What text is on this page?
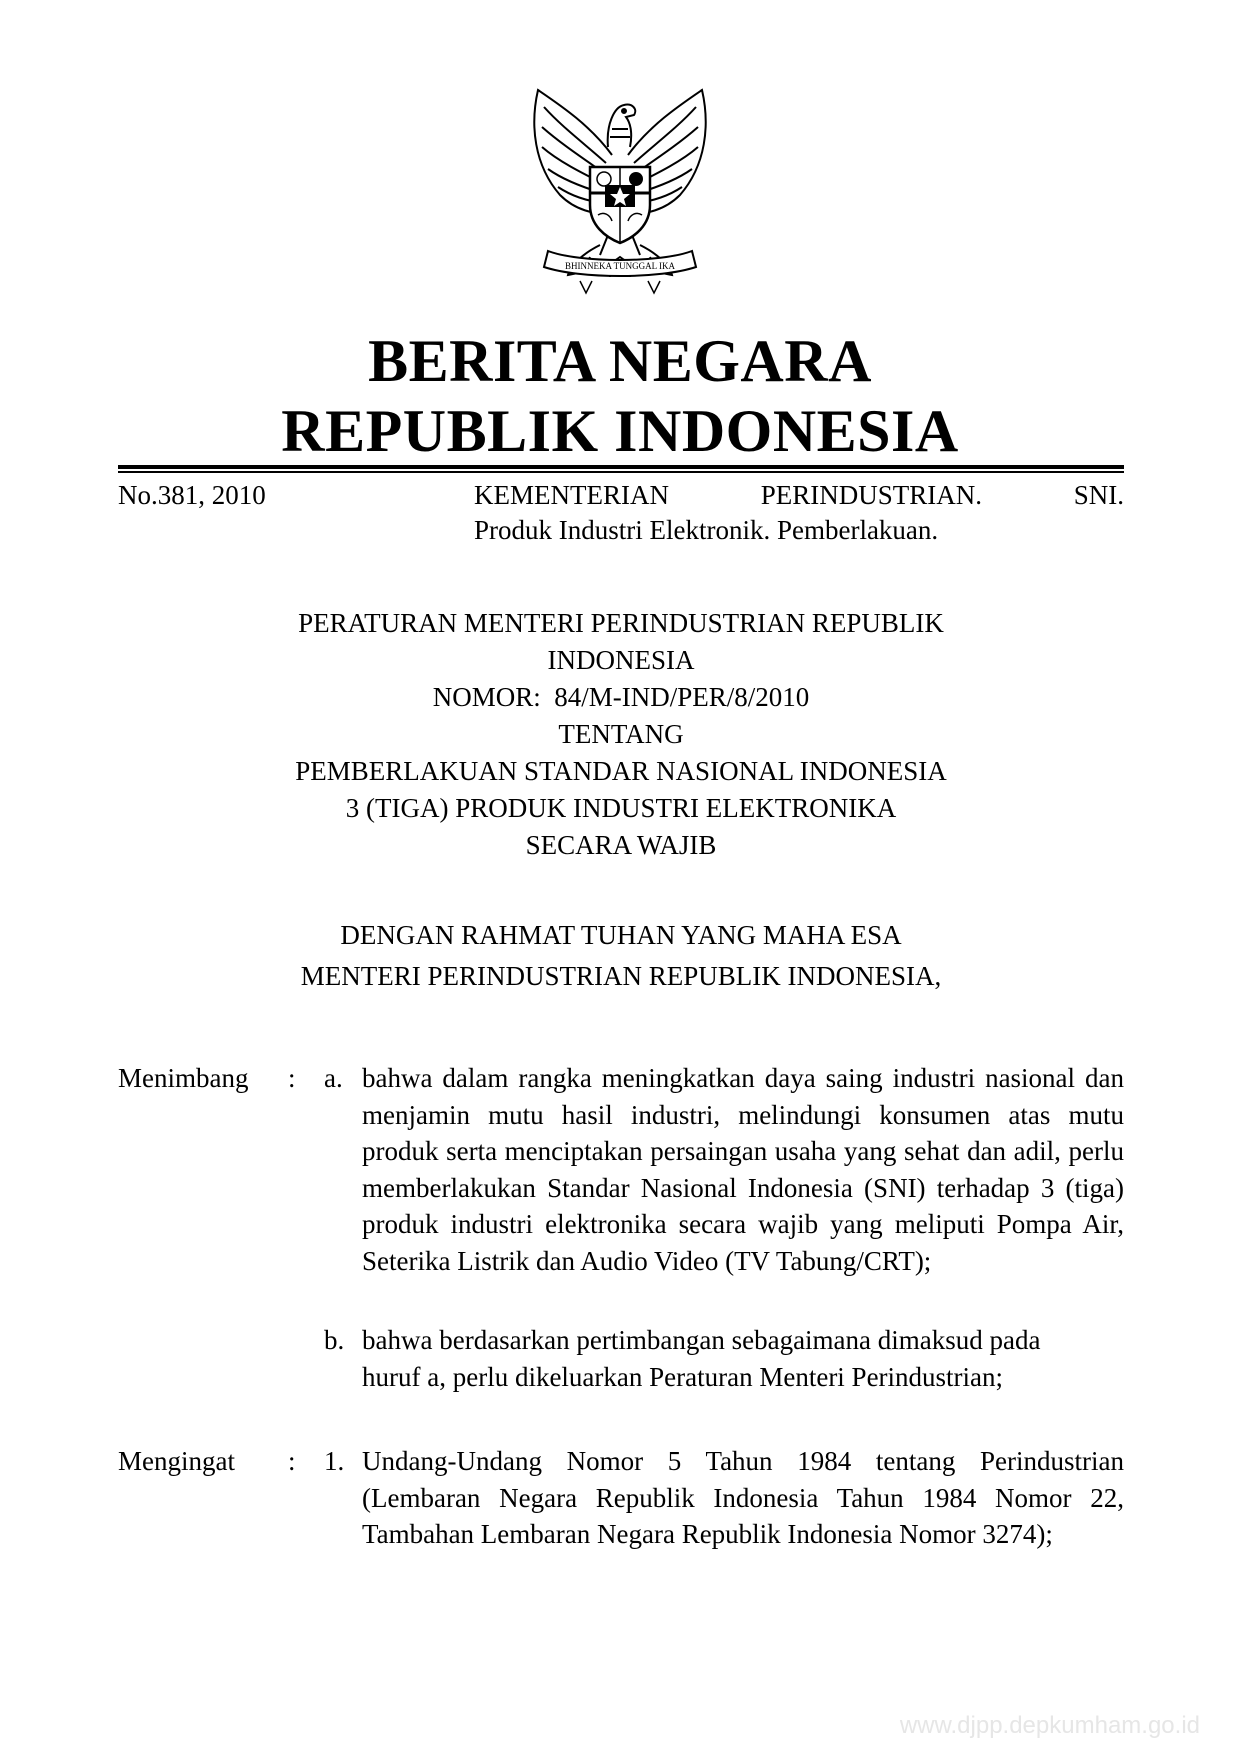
BHINNEKA TUNGGAL IKA
BERITA NEGARA
REPUBLIK INDONESIA
No.381, 2010	KEMENTERIAN	PERINDUSTRIAN.	SNI.
Produk Industri Elektronik. Pemberlakuan.
PERATURAN MENTERI PERINDUSTRIAN REPUBLIK
INDONESIA
NOMOR:  84/M-IND/PER/8/2010
TENTANG
PEMBERLAKUAN STANDAR NASIONAL INDONESIA
3 (TIGA) PRODUK INDUSTRI ELEKTRONIKA
SECARA WAJIB
DENGAN RAHMAT TUHAN YANG MAHA ESA
MENTERI PERINDUSTRIAN REPUBLIK INDONESIA,
Menimbang : a. bahwa dalam rangka meningkatkan daya saing industri nasional dan menjamin mutu hasil industri, melindungi konsumen atas mutu produk serta menciptakan persaingan usaha yang sehat dan adil, perlu memberlakukan Standar Nasional Indonesia (SNI) terhadap 3 (tiga) produk industri elektronika secara wajib yang meliputi Pompa Air, Seterika Listrik dan Audio Video (TV Tabung/CRT);
b. bahwa berdasarkan pertimbangan sebagaimana dimaksud pada huruf a, perlu dikeluarkan Peraturan Menteri Perindustrian;
Mengingat : 1. Undang-Undang Nomor 5 Tahun 1984 tentang Perindustrian (Lembaran Negara Republik Indonesia Tahun 1984 Nomor 22, Tambahan Lembaran Negara Republik Indonesia Nomor 3274);
www.djpp.depkumham.go.id
